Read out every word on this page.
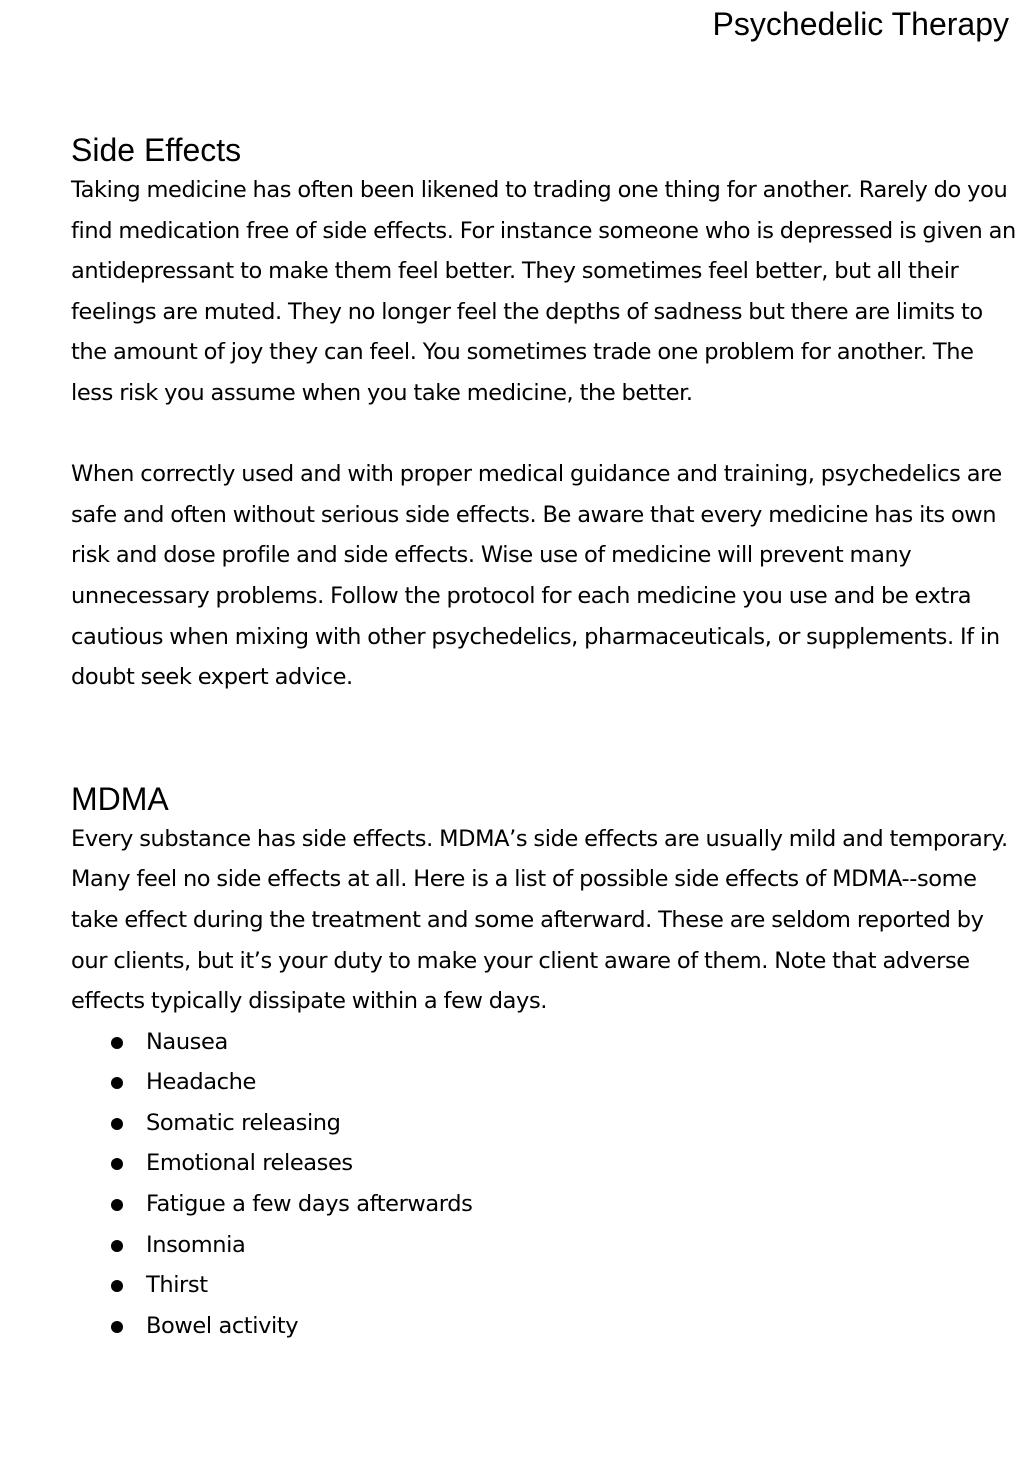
Psychedelic Therapy
Side Effects

Taking medicine has often been likened to trading one thing for another. Rarely do you find medication free of side effects. For instance someone who is depressed is given an antidepressant to make them feel better. They sometimes feel better, but all their feelings are muted. They no longer feel the depths of sadness but there are limits to the amount of joy they can feel. You sometimes trade one problem for another. The less risk you assume when you take medicine, the better.

When correctly used and with proper medical guidance and training, psychedelics are safe and often without serious side effects. Be aware that every medicine has its own risk and dose profile and side effects. Wise use of medicine will prevent many unnecessary problems. Follow the protocol for each medicine you use and be extra cautious when mixing with other psychedelics, pharmaceuticals, or supplements. If in doubt seek expert advice.

MDMA

Every substance has side effects. MDMA’s side effects are usually mild and temporary. Many feel no side effects at all. Here is a list of possible side effects of MDMA--some take effect during the treatment and some afterward. These are seldom reported by our clients, but it’s your duty to make your client aware of them. Note that adverse effects typically dissipate within a few days.

Nausea
Headache
Somatic releasing
Emotional releases
Fatigue a few days afterwards
Insomnia
Thirst
Bowel activity
